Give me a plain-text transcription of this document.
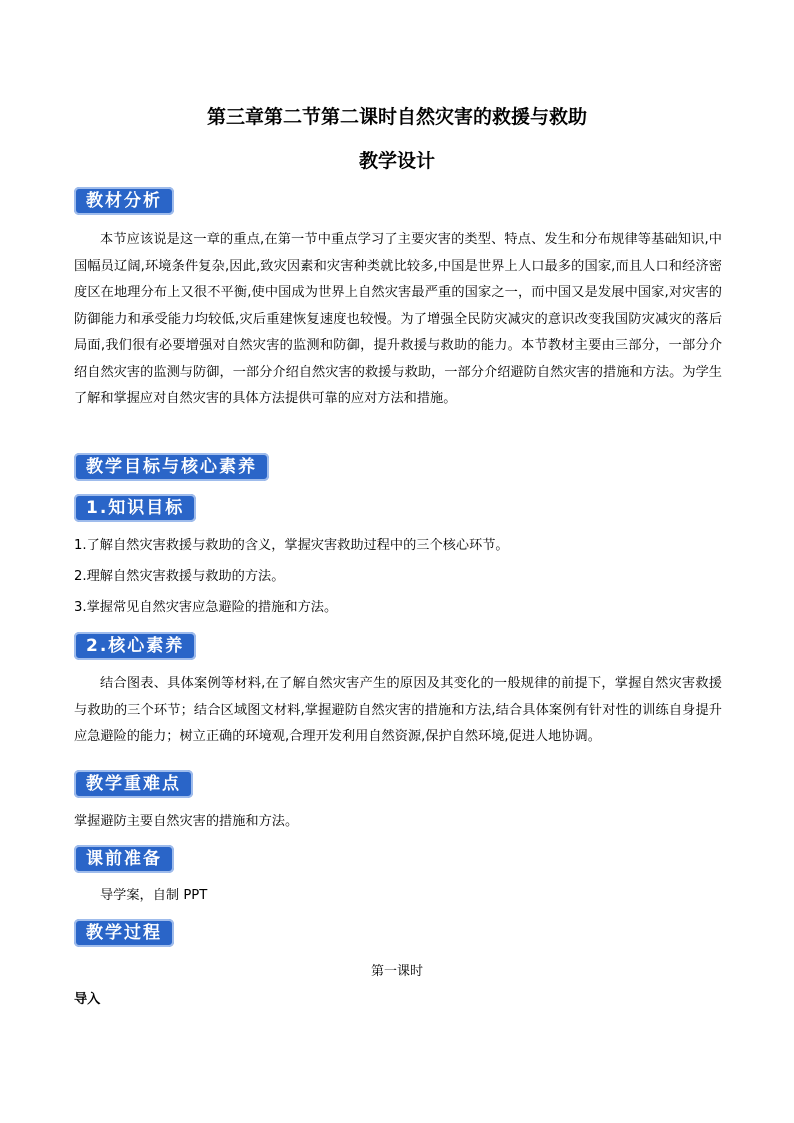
第三章第二节第二课时自然灾害的救援与救助
教学设计
教材分析
本节应该说是这一章的重点,在第一节中重点学习了主要灾害的类型、特点、发生和分布规律等基础知识,中国幅员辽阔,环境条件复杂,因此,致灾因素和灾害种类就比较多,中国是世界上人口最多的国家,而且人口和经济密度区在地理分布上又很不平衡,使中国成为世界上自然灾害最严重的国家之一，而中国又是发展中国家,对灾害的防御能力和承受能力均较低,灾后重建恢复速度也较慢。为了增强全民防灾减灾的意识改变我国防灾减灾的落后局面,我们很有必要增强对自然灾害的监测和防御，提升救援与救助的能力。本节教材主要由三部分，一部分介绍自然灾害的监测与防御，一部分介绍自然灾害的救援与救助，一部分介绍避防自然灾害的措施和方法。为学生了解和掌握应对自然灾害的具体方法提供可靠的应对方法和措施。
教学目标与核心素养
1.知识目标
1.了解自然灾害救援与救助的含义，掌握灾害救助过程中的三个核心环节。
2.理解自然灾害救援与救助的方法。
3.掌握常见自然灾害应急避险的措施和方法。
2.核心素养
结合图表、具体案例等材料,在了解自然灾害产生的原因及其变化的一般规律的前提下，掌握自然灾害救援与救助的三个环节；结合区域图文材料,掌握避防自然灾害的措施和方法,结合具体案例有针对性的训练自身提升应急避险的能力；树立正确的环境观,合理开发利用自然资源,保护自然环境,促进人地协调。
教学重难点
掌握避防主要自然灾害的措施和方法。
课前准备
导学案，自制 PPT
教学过程
第一课时
导入
